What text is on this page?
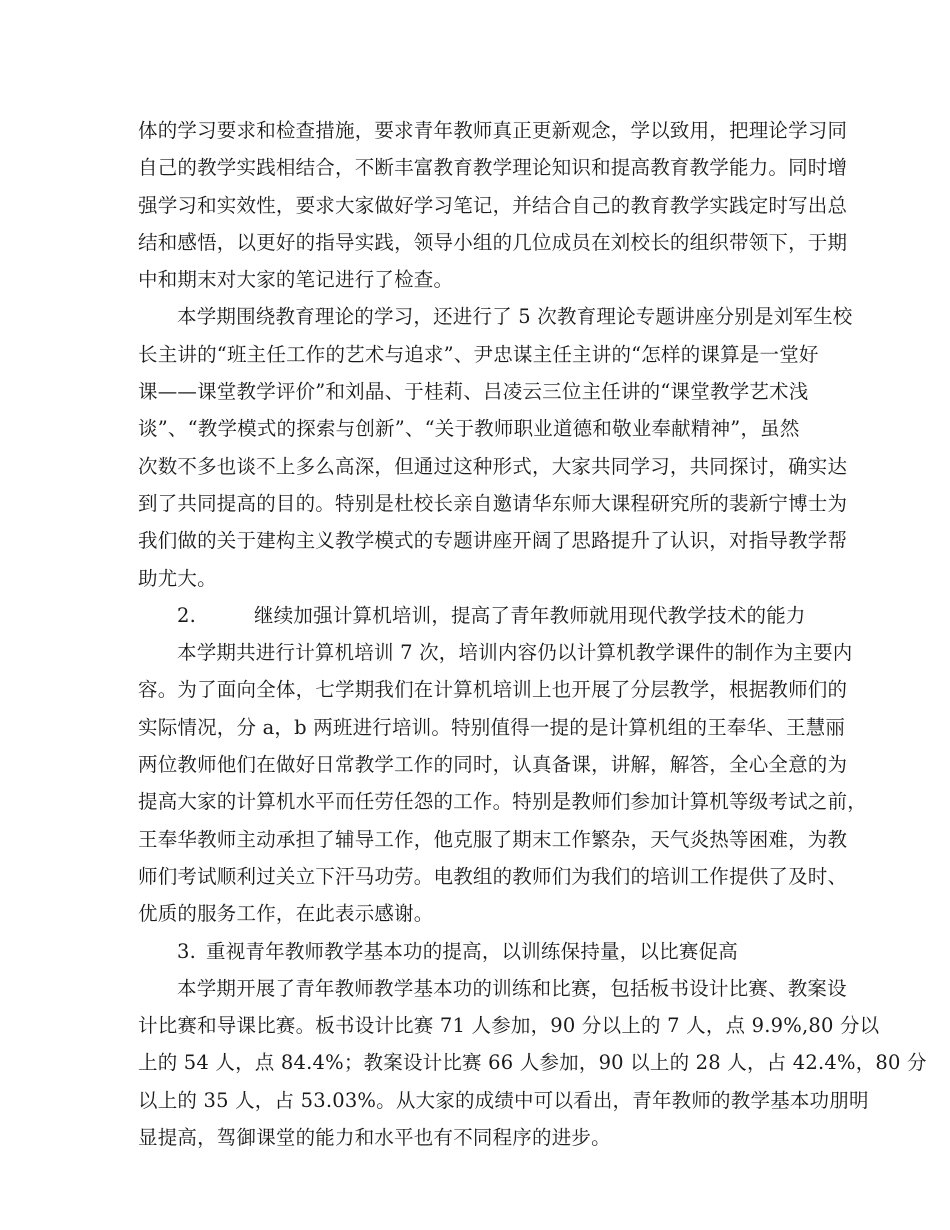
体的学习要求和检查措施，要求青年教师真正更新观念，学以致用，把理论学习同
自己的教学实践相结合，不断丰富教育教学理论知识和提高教育教学能力。同时增
强学习和实效性，要求大家做好学习笔记，并结合自己的教育教学实践定时写出总
结和感悟，以更好的指导实践，领导小组的几位成员在刘校长的组织带领下，于期
中和期末对大家的笔记进行了检查。
本学期围绕教育理论的学习，还进行了 5 次教育理论专题讲座分别是刘军生校
长主讲的“班主任工作的艺术与追求”、尹忠谋主任主讲的“怎样的课算是一堂好
课——课堂教学评价”和刘晶、于桂莉、吕凌云三位主任讲的“课堂教学艺术浅
谈”、“教学模式的探索与创新”、“关于教师职业道德和敬业奉献精神”，虽然
次数不多也谈不上多么高深，但通过这种形式，大家共同学习，共同探讨，确实达
到了共同提高的目的。特别是杜校长亲自邀请华东师大课程研究所的裴新宁博士为
我们做的关于建构主义教学模式的专题讲座开阔了思路提升了认识，对指导教学帮
助尤大。
2.	继续加强计算机培训，提高了青年教师就用现代教学技术的能力
本学期共进行计算机培训 7 次，培训内容仍以计算机教学课件的制作为主要内
容。为了面向全体，七学期我们在计算机培训上也开展了分层教学，根据教师们的
实际情况，分 a，b 两班进行培训。特别值得一提的是计算机组的王奉华、王慧丽
两位教师他们在做好日常教学工作的同时，认真备课，讲解，解答，全心全意的为
提高大家的计算机水平而任劳任怨的工作。特别是教师们参加计算机等级考试之前，
王奉华教师主动承担了辅导工作，他克服了期末工作繁杂，天气炎热等困难，为教
师们考试顺利过关立下汗马功劳。电教组的教师们为我们的培训工作提供了及时、
优质的服务工作，在此表示感谢。
3. 重视青年教师教学基本功的提高，以训练保持量，以比赛促高
本学期开展了青年教师教学基本功的训练和比赛，包括板书设计比赛、教案设
计比赛和导课比赛。板书设计比赛 71 人参加，90 分以上的 7 人，点 9.9%,80 分以
上的 54 人，点 84.4%；教案设计比赛 66 人参加，90 以上的 28 人，占 42.4%，80 分
以上的 35 人，占 53.03%。从大家的成绩中可以看出，青年教师的教学基本功朋明
显提高，驾御课堂的能力和水平也有不同程序的进步。
